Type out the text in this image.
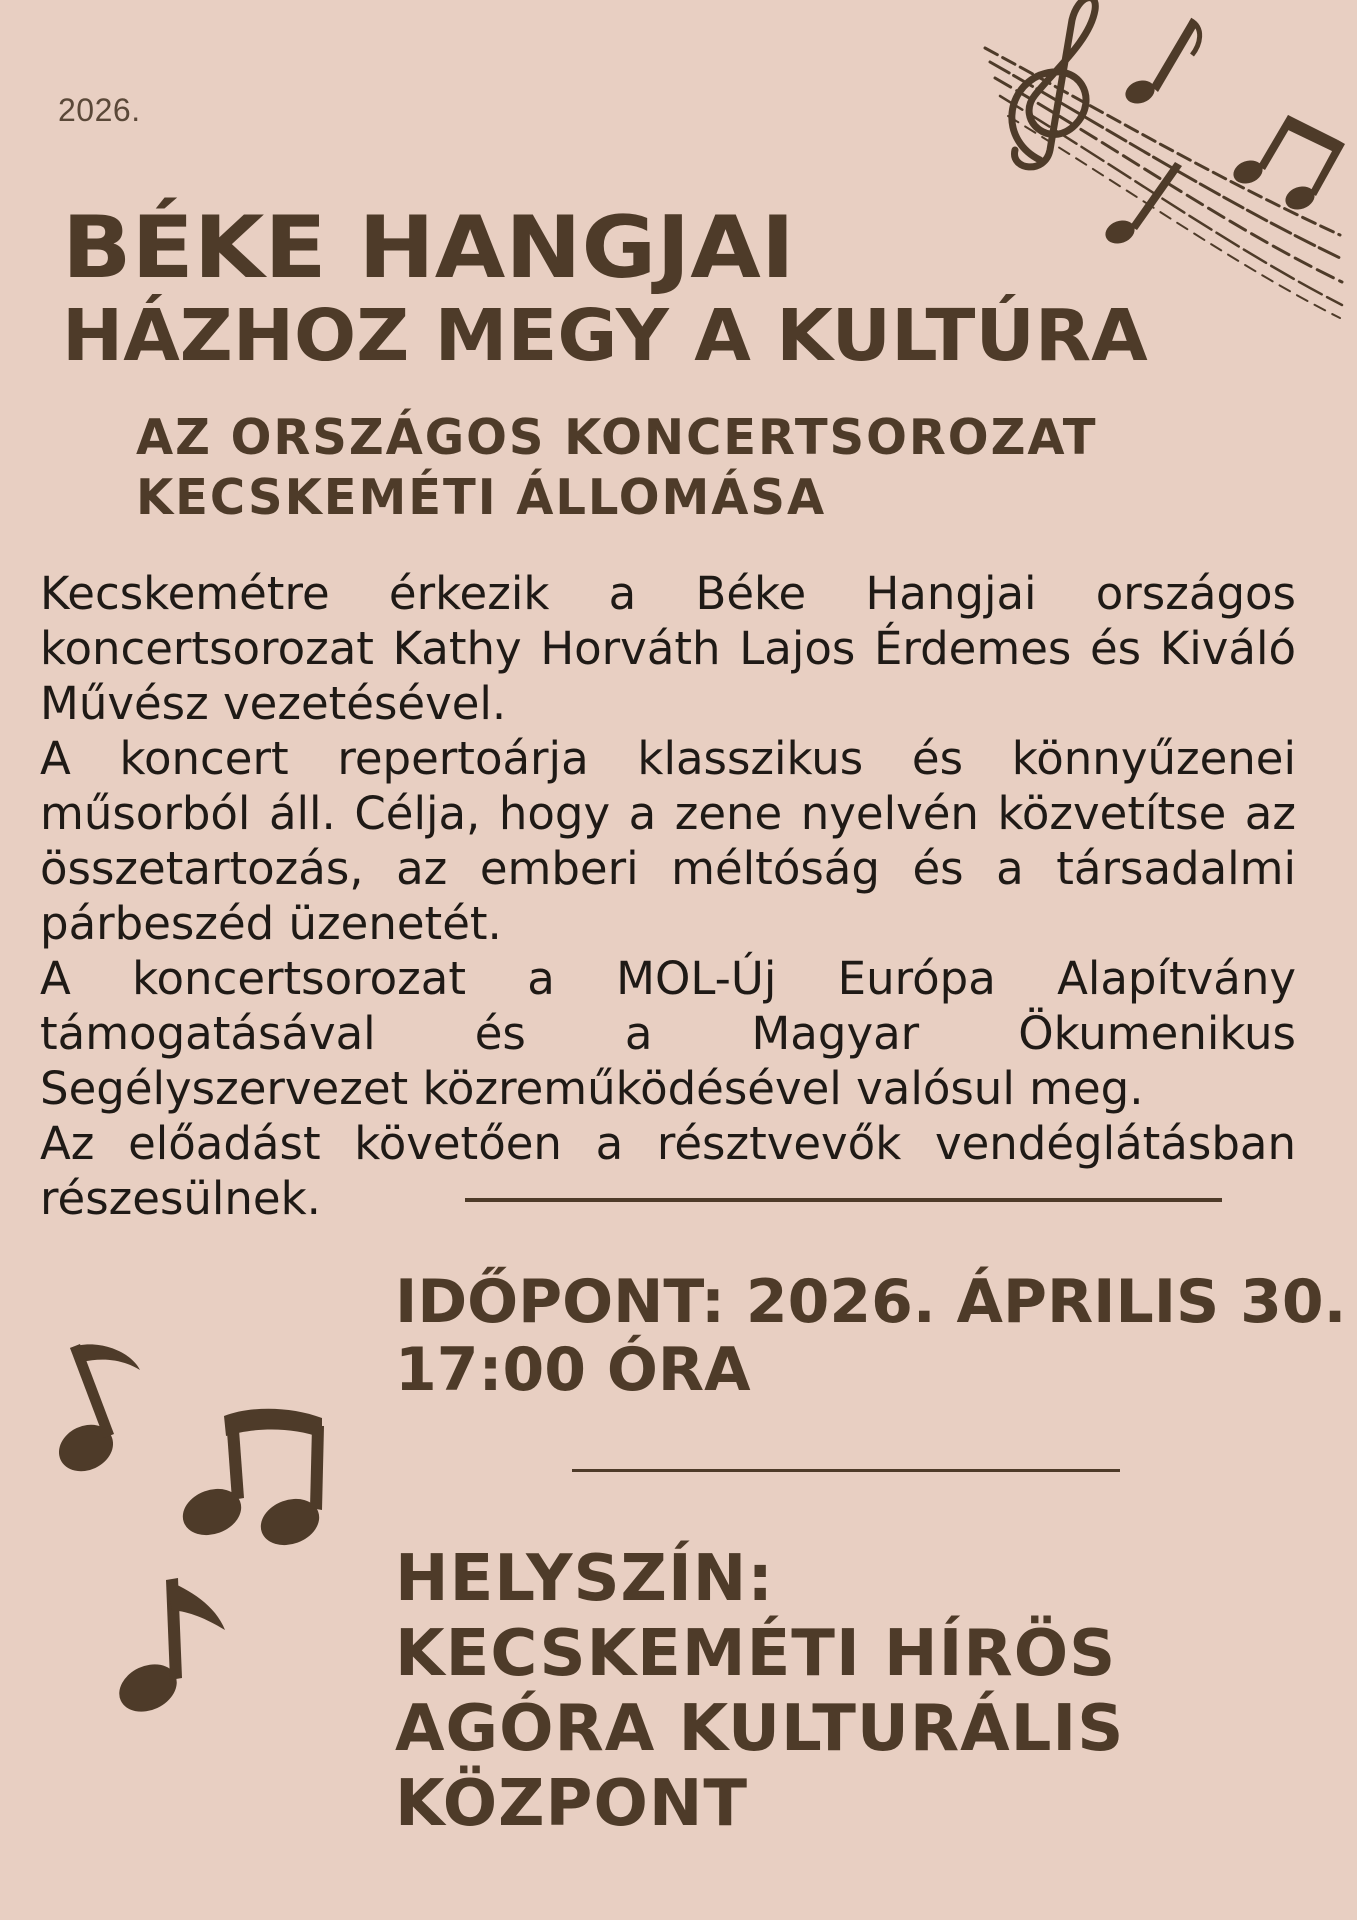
2026.
BÉKE HANGJAI
HÁZHOZ MEGY A KULTÚRA
AZ ORSZÁGOS KONCERTSOROZAT
KECSKEMÉTI ÁLLOMÁSA

Kecskemétre érkezik a Béke Hangjai országos koncertsorozat Kathy Horváth Lajos Érdemes és Kiváló Művész vezetésével.

A koncert repertoárja klasszikus és könnyűzenei műsorból áll. Célja, hogy a zene nyelvén közvetítse az összetartozás, az emberi méltóság és a társadalmi párbeszéd üzenetét.

A koncertsorozat a MOL-Új Európa Alapítvány támogatásával és a Magyar Ökumenikus Segélyszervezet közreműködésével valósul meg.

Az előadást követően a résztvevők vendéglátásban részesülnek.

IDŐPONT: 2026. ÁPRILIS 30.
17:00 ÓRA
HELYSZÍN:
KECSKEMÉTI HÍRÖS
AGÓRA KULTURÁLIS
KÖZPONT
